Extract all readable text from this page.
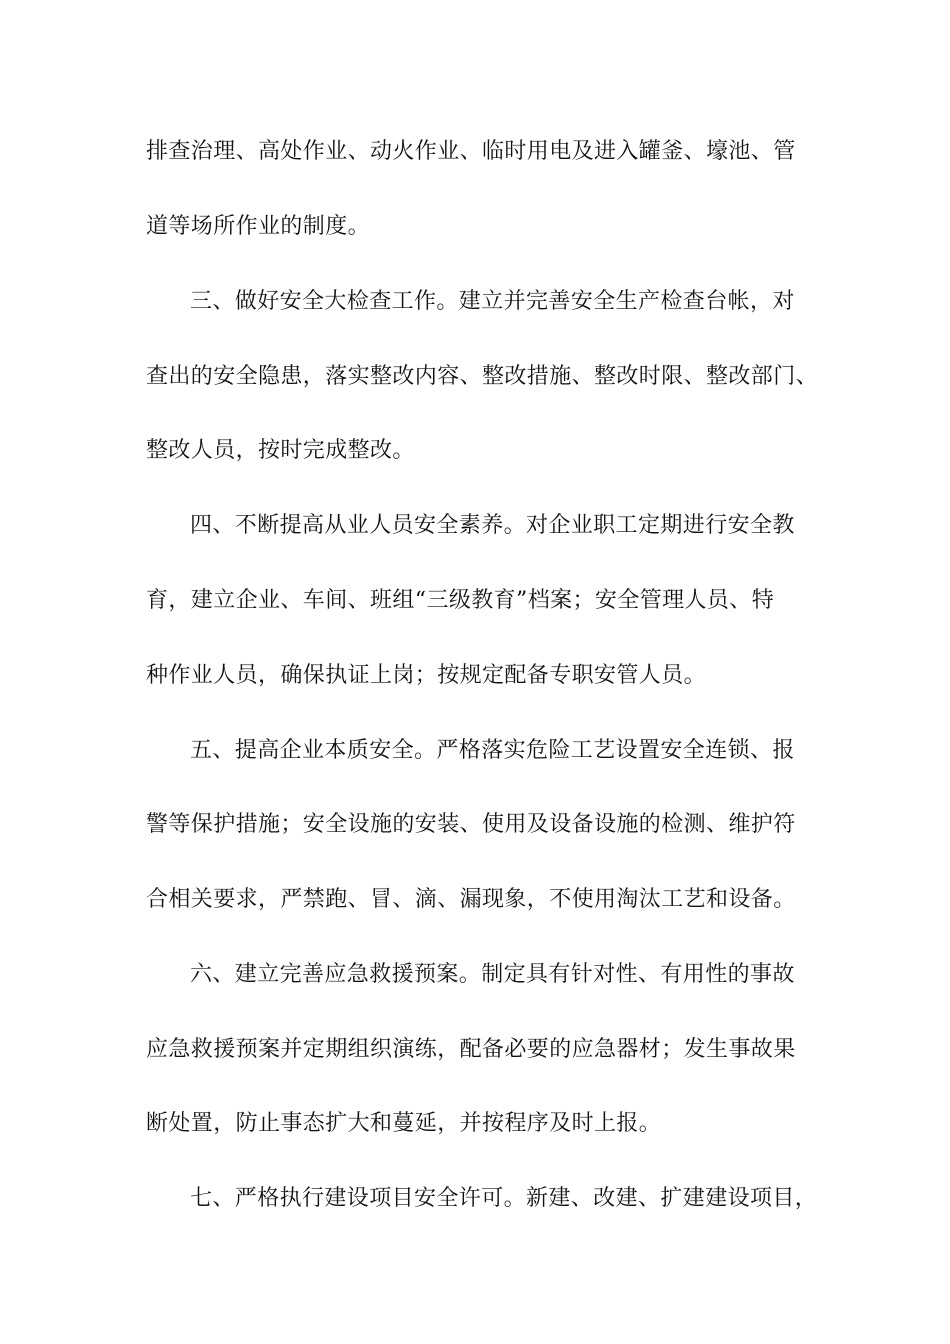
排查治理、高处作业、动火作业、临时用电及进入罐釜、壕池、管
道等场所作业的制度。
三、做好安全大检查工作。建立并完善安全生产检查台帐，对
查出的安全隐患，落实整改内容、整改措施、整改时限、整改部门、
整改人员，按时完成整改。
四、不断提高从业人员安全素养。对企业职工定期进行安全教
育，建立企业、车间、班组“三级教育”档案；安全管理人员、特
种作业人员，确保执证上岗；按规定配备专职安管人员。
五、提高企业本质安全。严格落实危险工艺设置安全连锁、报
警等保护措施；安全设施的安装、使用及设备设施的检测、维护符
合相关要求，严禁跑、冒、滴、漏现象，不使用淘汰工艺和设备。
六、建立完善应急救援预案。制定具有针对性、有用性的事故
应急救援预案并定期组织演练，配备必要的应急器材；发生事故果
断处置，防止事态扩大和蔓延，并按程序及时上报。
七、严格执行建设项目安全许可。新建、改建、扩建建设项目，
